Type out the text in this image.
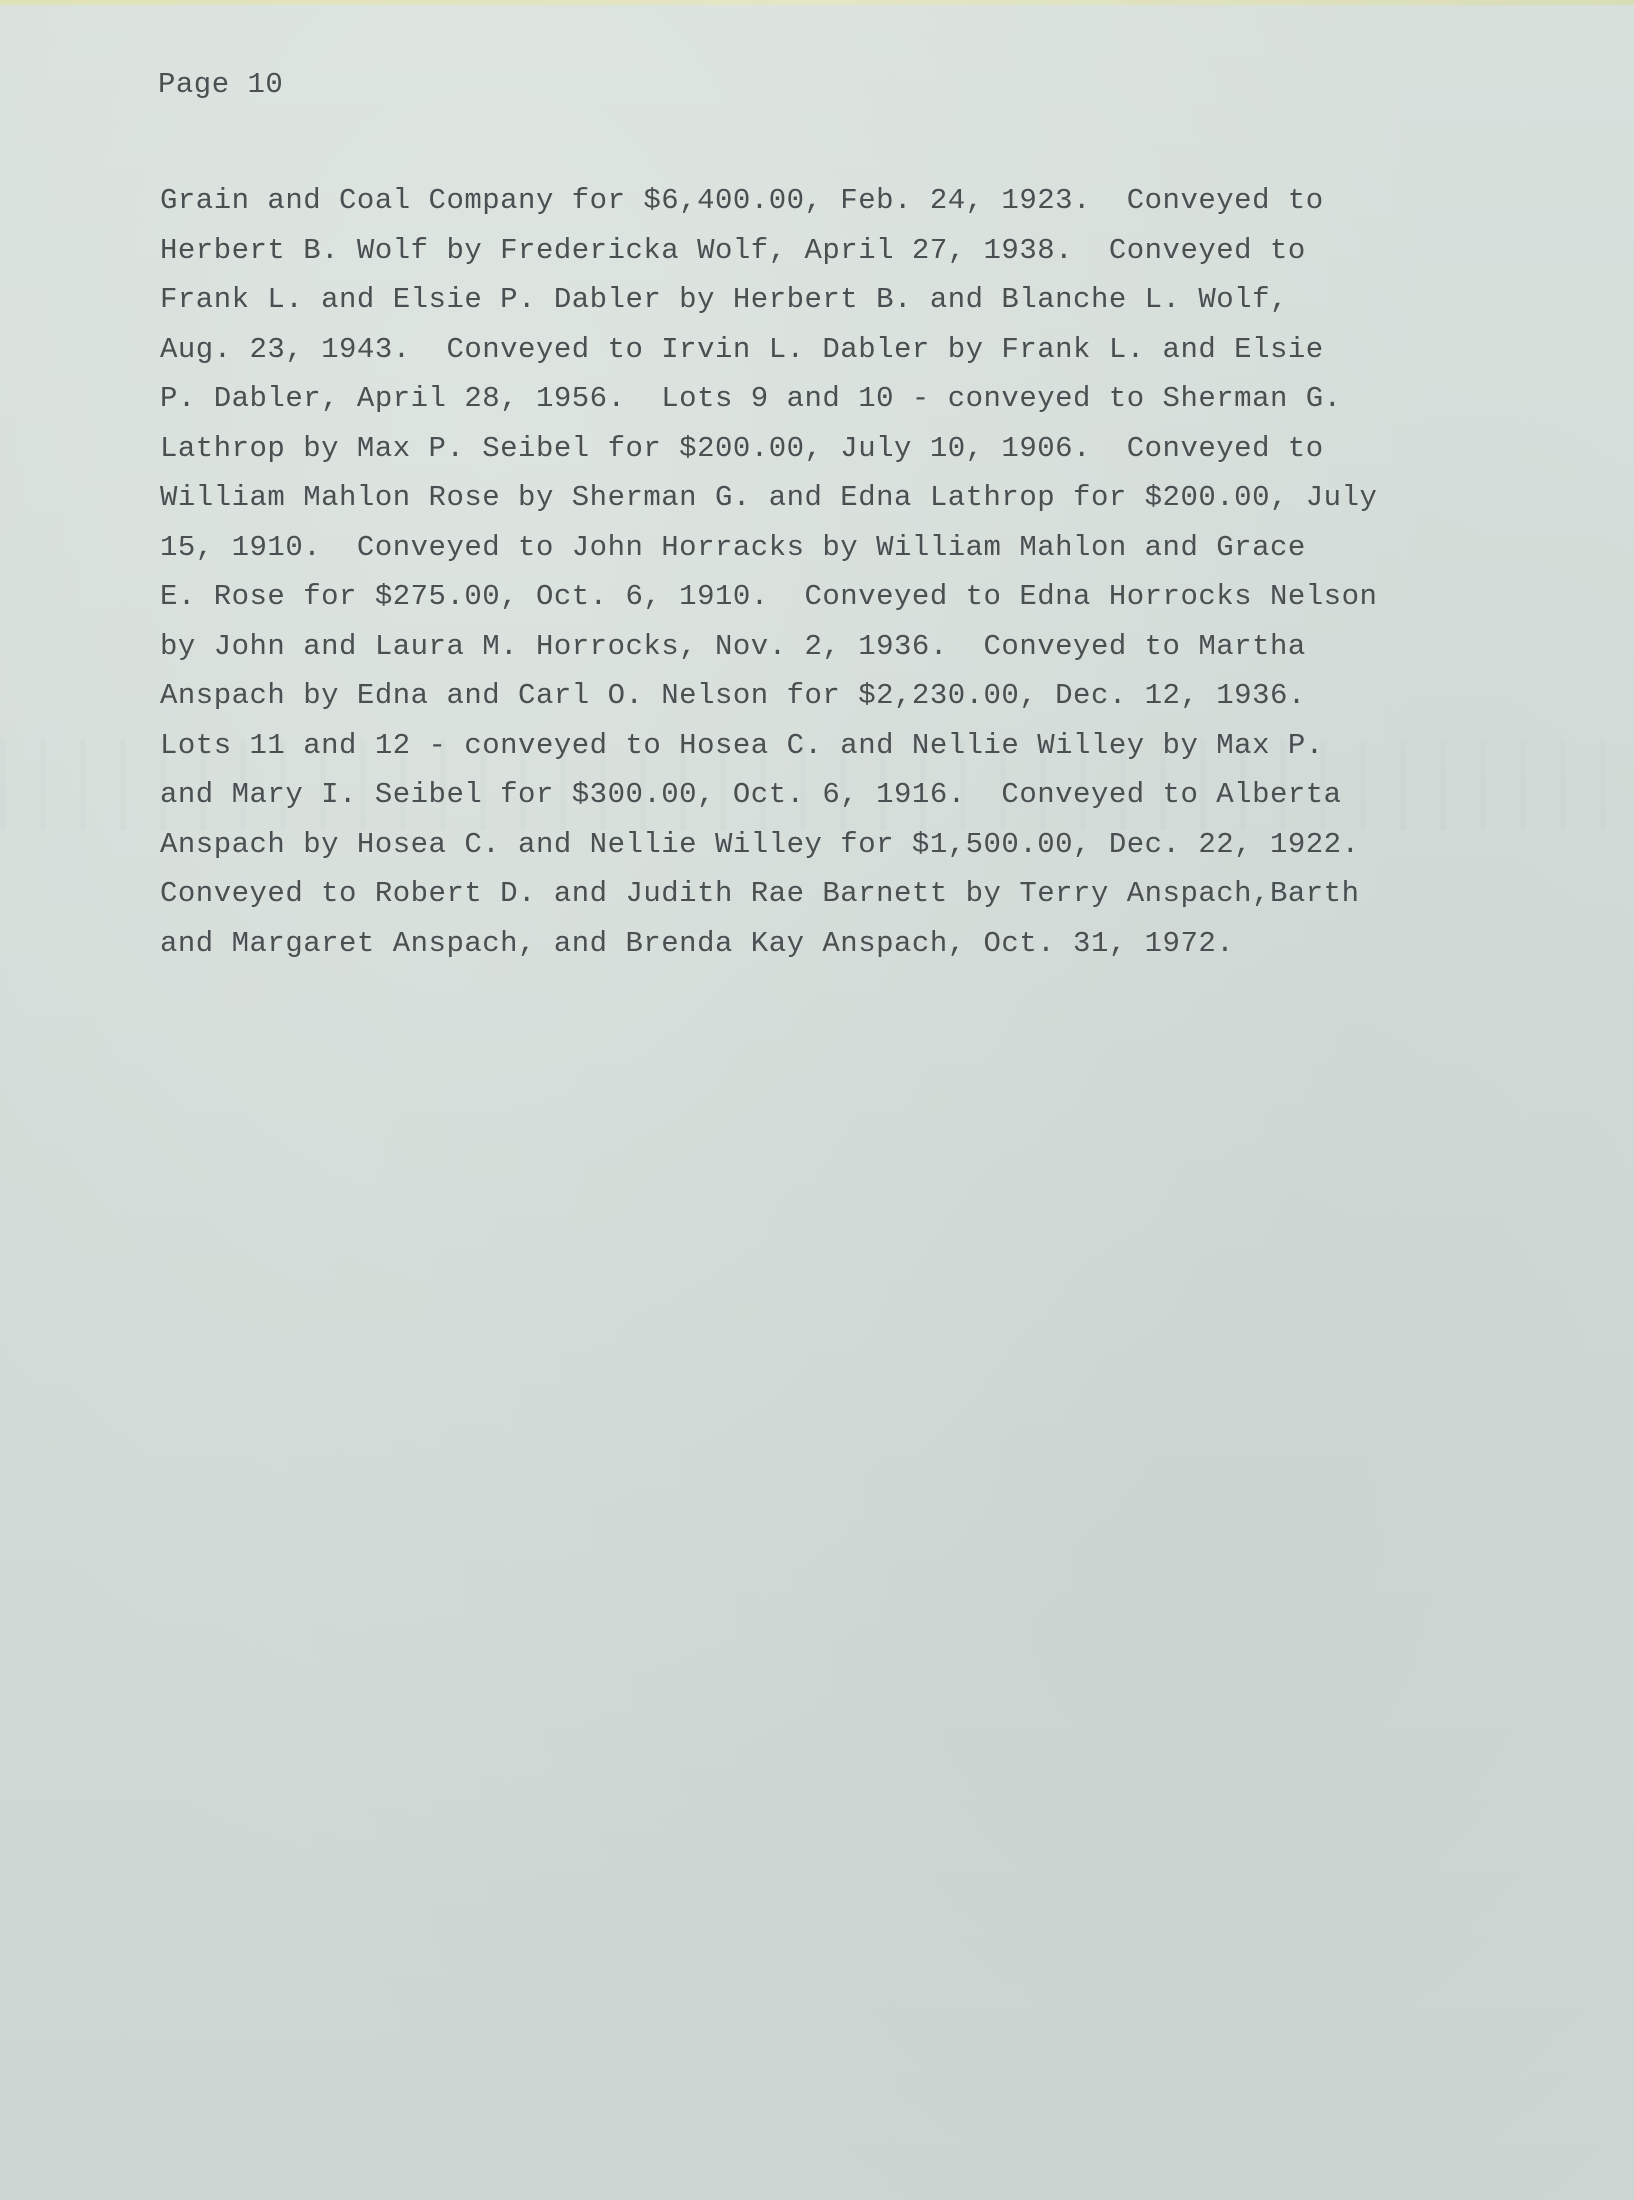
Page 10
Grain and Coal Company for $6,400.00, Feb. 24, 1923.  Conveyed to
Herbert B. Wolf by Fredericka Wolf, April 27, 1938.  Conveyed to
Frank L. and Elsie P. Dabler by Herbert B. and Blanche L. Wolf,
Aug. 23, 1943.  Conveyed to Irvin L. Dabler by Frank L. and Elsie
P. Dabler, April 28, 1956.  Lots 9 and 10 - conveyed to Sherman G.
Lathrop by Max P. Seibel for $200.00, July 10, 1906.  Conveyed to
William Mahlon Rose by Sherman G. and Edna Lathrop for $200.00, July
15, 1910.  Conveyed to John Horracks by William Mahlon and Grace
E. Rose for $275.00, Oct. 6, 1910.  Conveyed to Edna Horrocks Nelson
by John and Laura M. Horrocks, Nov. 2, 1936.  Conveyed to Martha
Anspach by Edna and Carl O. Nelson for $2,230.00, Dec. 12, 1936.
Lots 11 and 12 - conveyed to Hosea C. and Nellie Willey by Max P.
and Mary I. Seibel for $300.00, Oct. 6, 1916.  Conveyed to Alberta
Anspach by Hosea C. and Nellie Willey for $1,500.00, Dec. 22, 1922.
Conveyed to Robert D. and Judith Rae Barnett by Terry Anspach,Barth
and Margaret Anspach, and Brenda Kay Anspach, Oct. 31, 1972.
